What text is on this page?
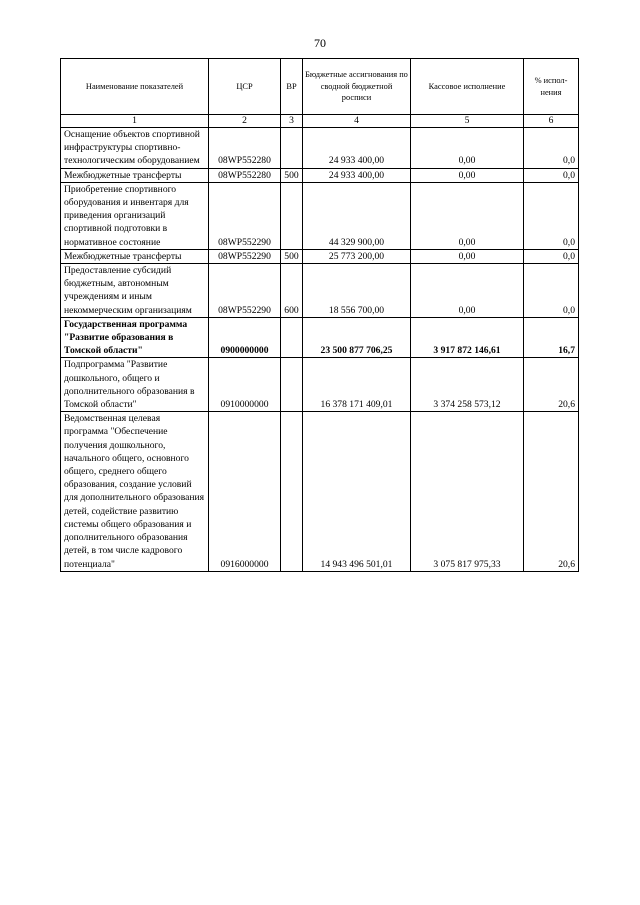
70
Наименование показателей	ЦСР	ВР	Бюджетные ассигнования по сводной бюджетной росписи	Кассовое исполнение	% испол-нения
1	2	3	4	5	6
Оснащение объектов спортивной инфраструктуры спортивно-технологическим оборудованием	08WP552280		24 933 400,00	0,00	0,0
Межбюджетные трансферты	08WP552280	500	24 933 400,00	0,00	0,0
Приобретение спортивного оборудования и инвентаря для приведения организаций спортивной подготовки в нормативное состояние	08WP552290		44 329 900,00	0,00	0,0
Межбюджетные трансферты	08WP552290	500	25 773 200,00	0,00	0,0
Предоставление субсидий бюджетным, автономным учреждениям и иным некоммерческим организациям	08WP552290	600	18 556 700,00	0,00	0,0
Государственная программа "Развитие образования в Томской области"	0900000000		23 500 877 706,25	3 917 872 146,61	16,7
Подпрограмма "Развитие дошкольного, общего и дополнительного образования в Томской области"	0910000000		16 378 171 409,01	3 374 258 573,12	20,6
Ведомственная целевая программа "Обеспечение получения дошкольного, начального общего, основного общего, среднего общего образования, создание условий для дополнительного образования детей, содействие развитию системы общего образования и дополнительного образования детей, в том числе кадрового потенциала"	0916000000		14 943 496 501,01	3 075 817 975,33	20,6
